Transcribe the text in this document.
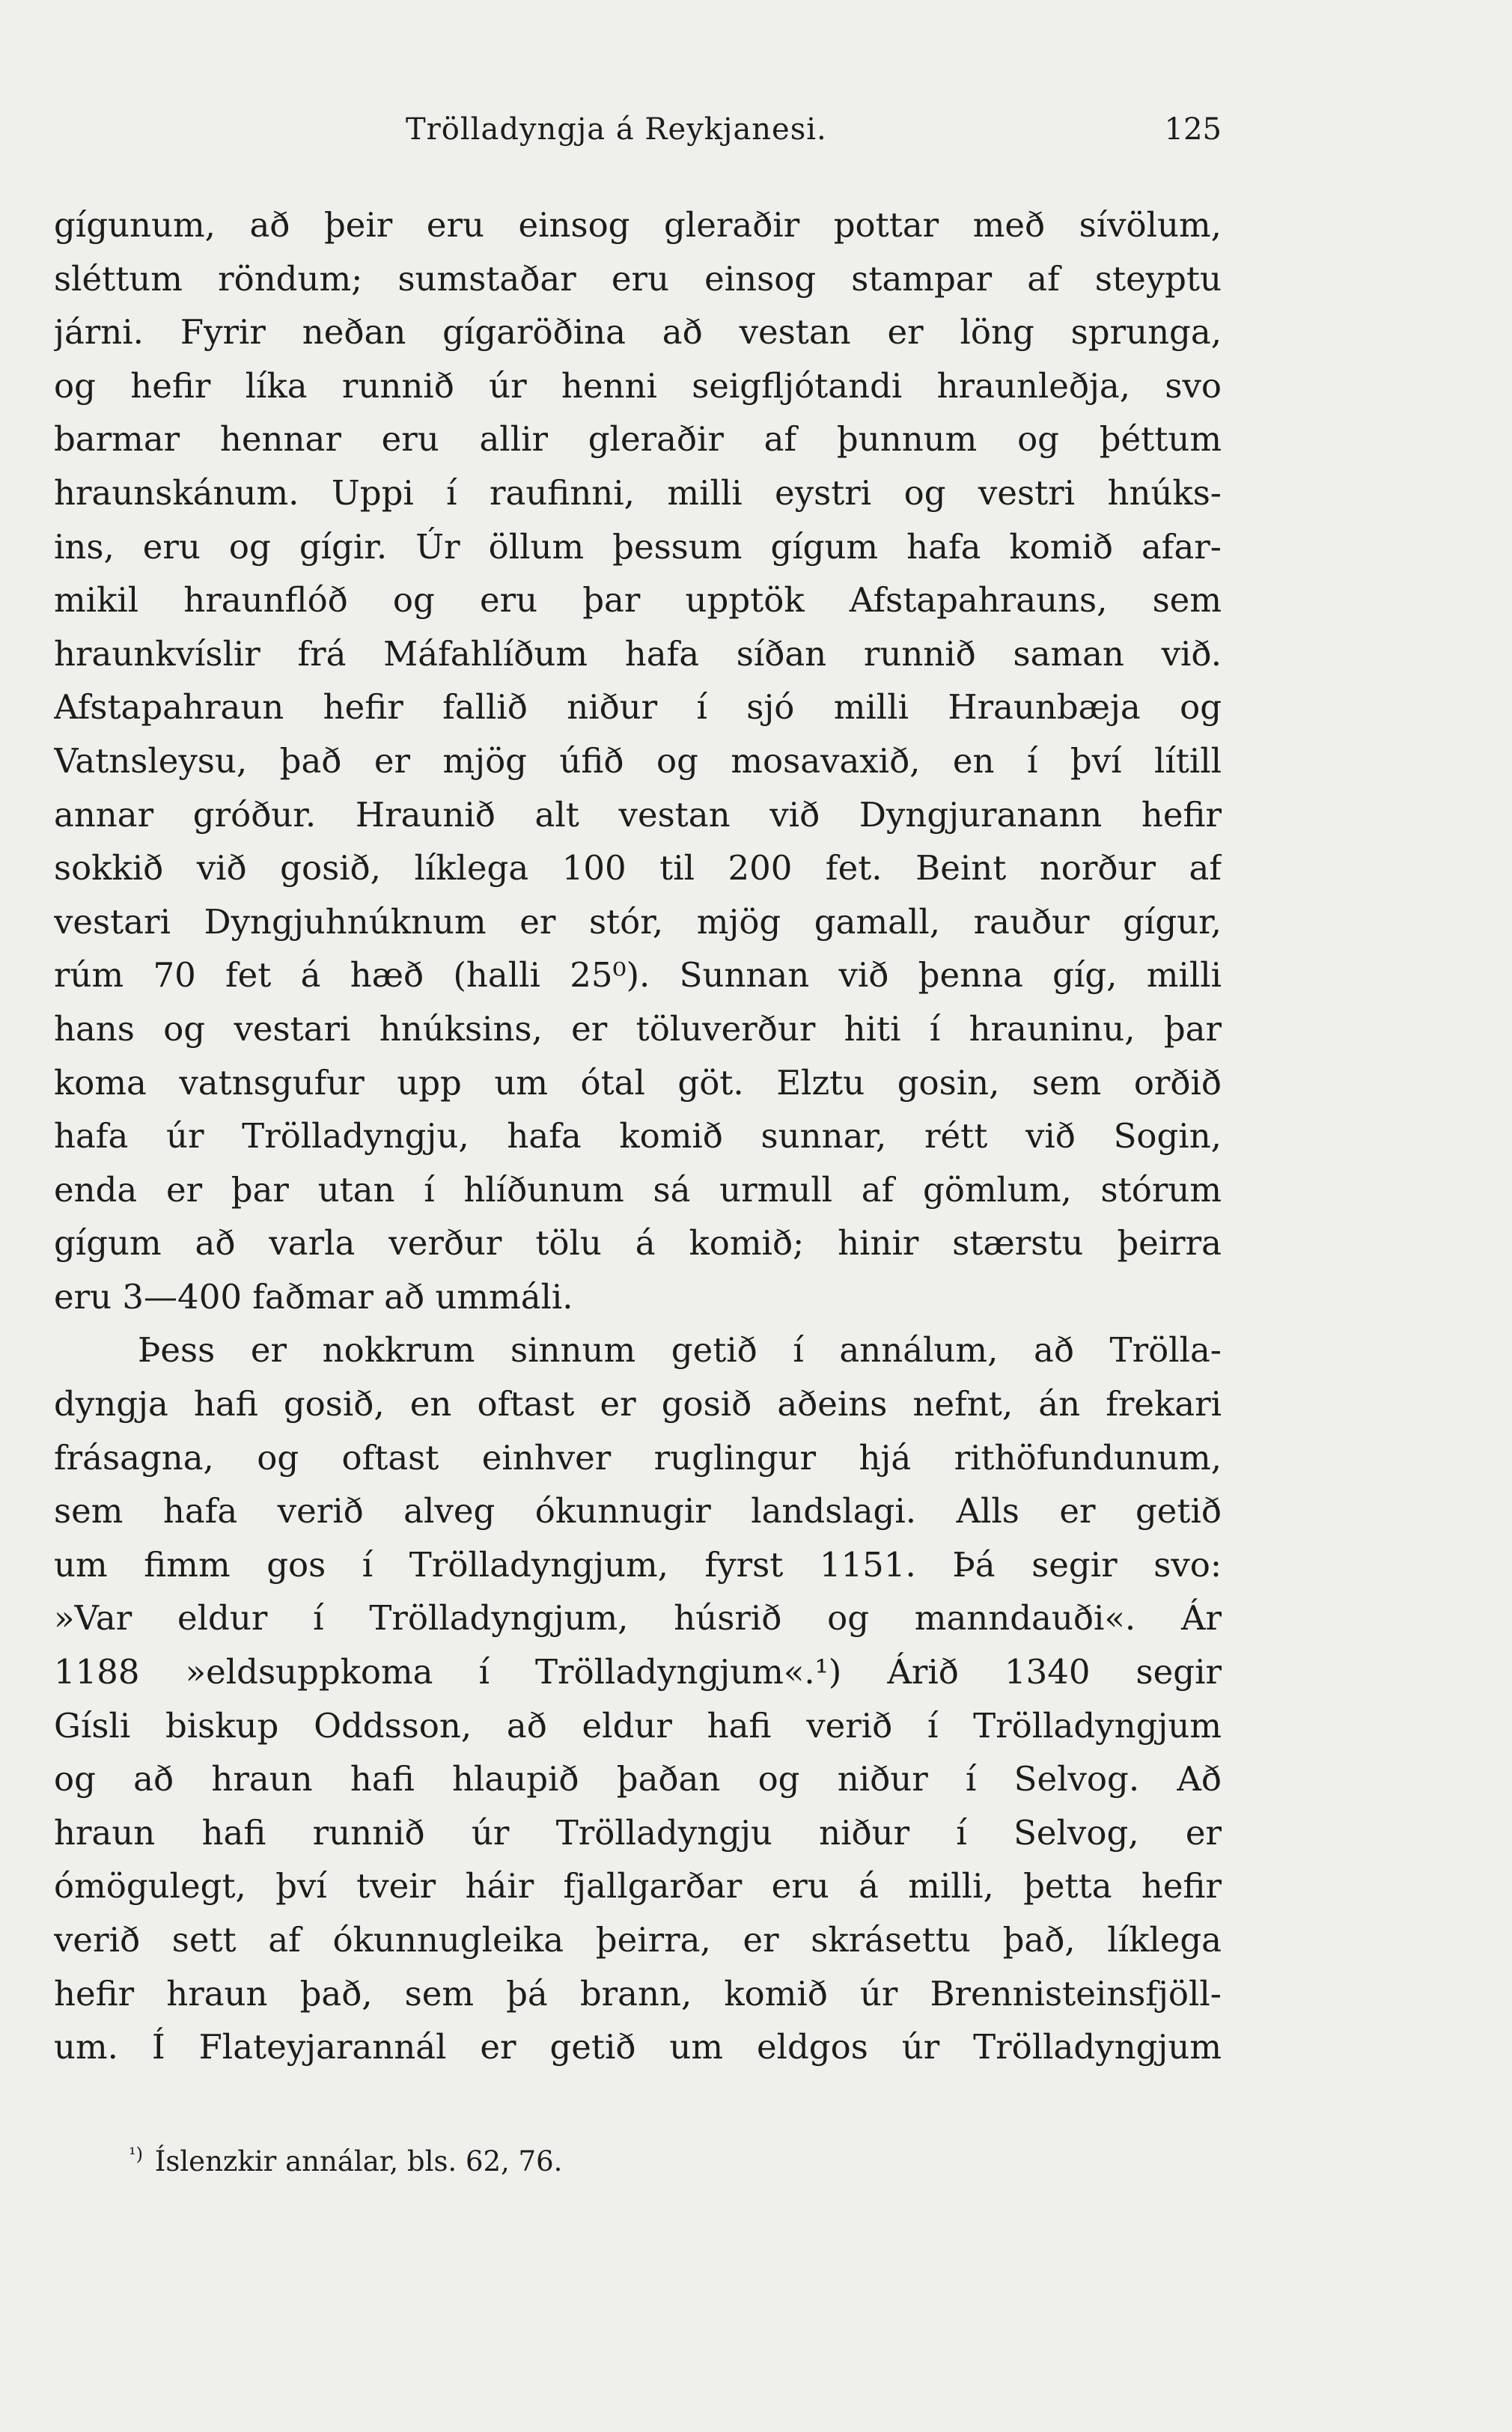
Trölladyngja á Reykjanesi.	125
gígunum, að þeir eru einsog gleraðir pottar með sívölum,
sléttum röndum; sumstaðar eru einsog stampar af steyptu
járni. Fyrir neðan gígaröðina að vestan er löng sprunga,
og hefir líka runnið úr henni seigfljótandi hraunleðja, svo
barmar hennar eru allir gleraðir af þunnum og þéttum
hraunskánum. Uppi í raufinni, milli eystri og vestri hnúks-
ins, eru og gígir. Úr öllum þessum gígum hafa komið afar-
mikil hraunflóð og eru þar upptök Afstapahrauns, sem
hraunkvíslir frá Máfahlíðum hafa síðan runnið saman við.
Afstapahraun hefir fallið niður í sjó milli Hraunbæja og
Vatnsleysu, það er mjög úfið og mosavaxið, en í því lítill
annar gróður. Hraunið alt vestan við Dyngjuranann hefir
sokkið við gosið, líklega 100 til 200 fet. Beint norður af
vestari Dyngjuhnúknum er stór, mjög gamall, rauður gígur,
rúm 70 fet á hæð (halli 25⁰). Sunnan við þenna gíg, milli
hans og vestari hnúksins, er töluverður hiti í hrauninu, þar
koma vatnsgufur upp um ótal göt. Elztu gosin, sem orðið
hafa úr Trölladyngju, hafa komið sunnar, rétt við Sogin,
enda er þar utan í hlíðunum sá urmull af gömlum, stórum
gígum að varla verður tölu á komið; hinir stærstu þeirra
eru 3—400 faðmar að ummáli.
Þess er nokkrum sinnum getið í annálum, að Trölla-
dyngja hafi gosið, en oftast er gosið aðeins nefnt, án frekari
frásagna, og oftast einhver ruglingur hjá rithöfundunum,
sem hafa verið alveg ókunnugir landslagi. Alls er getið
um fimm gos í Trölladyngjum, fyrst 1151. Þá segir svo:
»Var eldur í Trölladyngjum, húsrið og manndauði«. Ár
1188 »eldsuppkoma í Trölladyngjum«.¹) Árið 1340 segir
Gísli biskup Oddsson, að eldur hafi verið í Trölladyngjum
og að hraun hafi hlaupið þaðan og niður í Selvog. Að
hraun hafi runnið úr Trölladyngju niður í Selvog, er
ómögulegt, því tveir háir fjallgarðar eru á milli, þetta hefir
verið sett af ókunnugleika þeirra, er skrásettu það, líklega
hefir hraun það, sem þá brann, komið úr Brennisteinsfjöll-
um. Í Flateyjarannál er getið um eldgos úr Trölladyngjum
$^{^1)}$ Íslenzkir annálar, bls. 62, 76.
